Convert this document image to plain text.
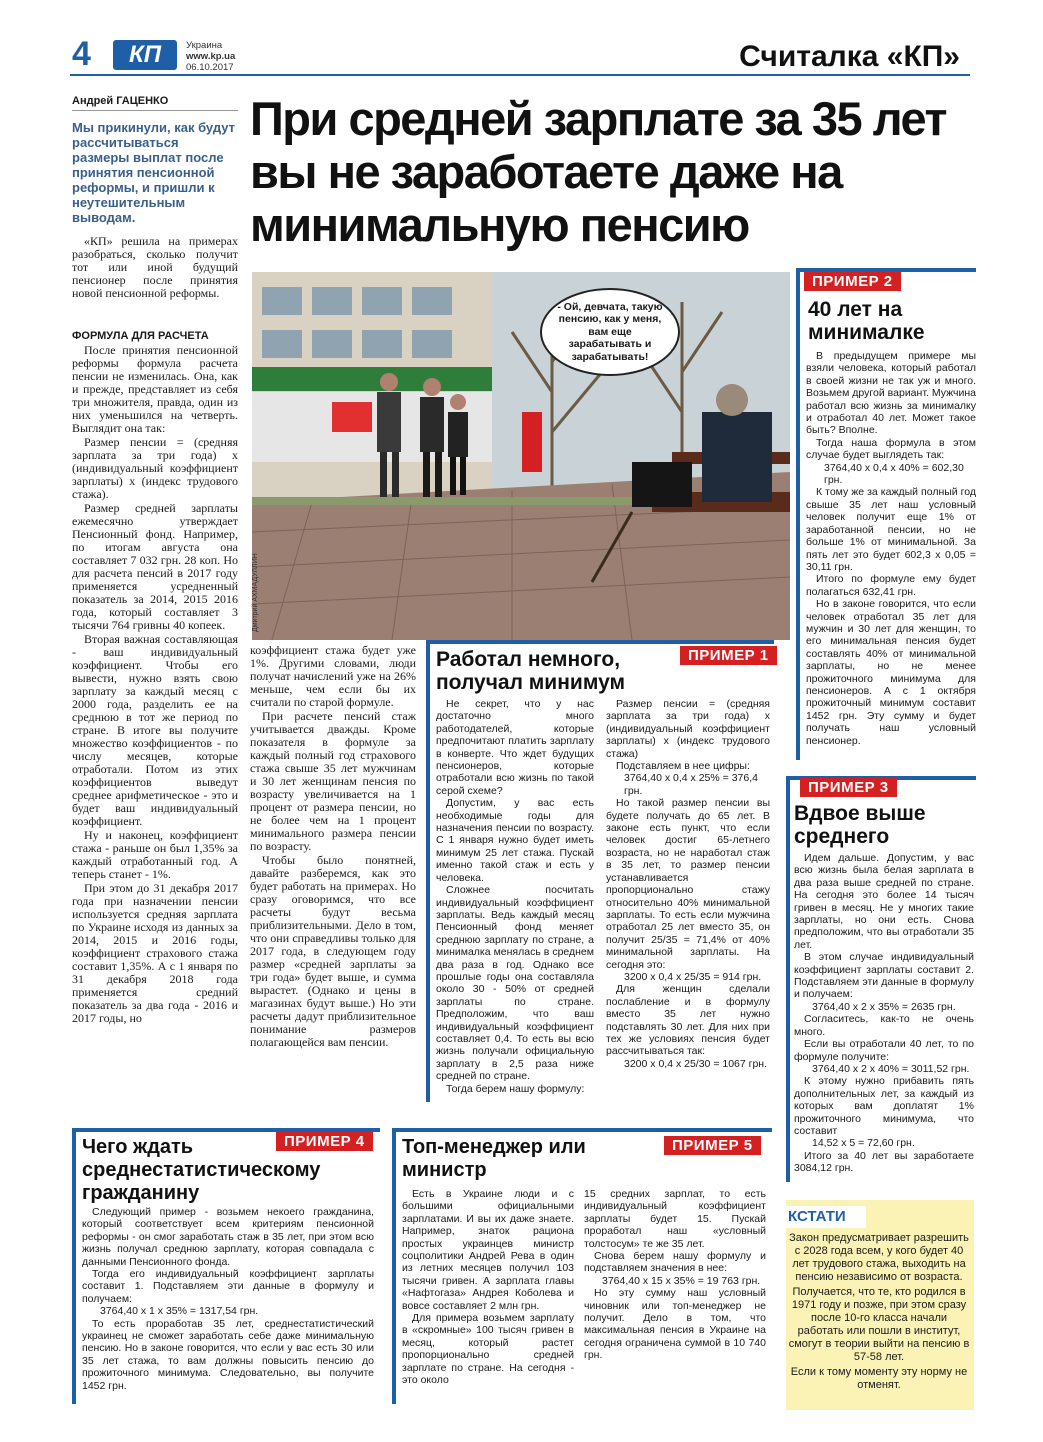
4	КП	Украина
www.kp.ua
06.10.2017	Считалка «КП»
Андрей ГАЦЕНКО
Мы прикинули, как будут рассчитываться размеры выплат после принятия пенсионной реформы, и пришли к неутешительным выводам.
«КП» решила на примерах разобраться, сколько получит тот или иной будущий пенсионер после принятия новой пенсионной реформы.
При средней зарплате за 35 лет вы не заработаете даже на минимальную пенсию
ФОРМУЛА ДЛЯ РАСЧЕТА

После принятия пенсионной реформы формула расчета пенсии не изменилась. Она, как и прежде, представляет из себя три множителя, правда, один из них уменьшился на четверть. Выглядит она так:

Размер пенсии = (средняя зарплата за три года) х (индивидуальный коэффициент зарплаты) х (индекс трудового стажа).

Размер средней зарплаты ежемесячно утверждает Пенсионный фонд. Например, по итогам августа она составляет 7 032 грн. 28 коп. Но для расчета пенсий в 2017 году применяется усредненный показатель за 2014, 2015 2016 года, который составляет 3 тысячи 764 гривны 40 копеек.

Вторая важная составляющая - ваш индивидуальный коэффициент. Чтобы его вывести, нужно взять свою зарплату за каждый месяц с 2000 года, разделить ее на среднюю в тот же период по стране. В итоге вы получите множество коэффициентов - по числу месяцев, которые отработали. Потом из этих коэффициентов выведут среднее арифметическое - это и будет ваш индивидуальный коэффициент.

Ну и наконец, коэффициент стажа - раньше он был 1,35% за каждый отработанный год. А теперь станет - 1%.

При этом до 31 декабря 2017 года при назначении пенсии используется средняя зарплата по Украине исходя из данных за 2014, 2015 и 2016 годы, коэффициент страхового стажа составит 1,35%. А с 1 января по 31 декабря 2018 года применяется средний показатель за два года - 2016 и 2017 годы, но

- Ой, девчата, такую пенсию, как у меня, вам еще зарабатывать и зарабатывать!
Дмитрий АХМАДУЛЛИН

коэффициент стажа будет уже 1%. Другими словами, люди получат начислений уже на 26% меньше, чем если бы их считали по старой формуле.

При расчете пенсий стаж учитывается дважды. Кроме показателя в формуле за каждый полный год страхового стажа свыше 35 лет мужчинам и 30 лет женщинам пенсия по возрасту увеличивается на 1 процент от размера пенсии, но не более чем на 1 процент минимального размера пенсии по возрасту.

Чтобы было понятней, давайте разберемся, как это будет работать на примерах. Но сразу оговоримся, что все расчеты будут весьма приблизительными. Дело в том, что они справедливы только для 2017 года, в следующем году размер «средней зарплаты за три года» будет выше, и сумма вырастет. (Однако и цены в магазинах будут выше.) Но эти расчеты дадут приблизительное понимание размеров полагающейся вам пенсии.

Работал немного, получал минимум
ПРИМЕР 1

Не секрет, что у нас достаточно много работодателей, которые предпочитают платить зарплату в конверте. Что ждет будущих пенсионеров, которые отработали всю жизнь по такой серой схеме?

Допустим, у вас есть необходимые годы для назначения пенсии по возрасту. С 1 января нужно будет иметь минимум 25 лет стажа. Пускай именно такой стаж и есть у человека.

Сложнее посчитать индивидуальный коэффициент зарплаты. Ведь каждый месяц Пенсионный фонд меняет среднюю зарплату по стране, а минималка менялась в среднем два раза в год. Однако все прошлые годы она составляла около 30 - 50% от средней зарплаты по стране. Предположим, что ваш индивидуальный коэффициент составляет 0,4. То есть вы всю жизнь получали официальную зарплату в 2,5 раза ниже средней по стране.

Тогда берем нашу формулу:

Размер пенсии = (средняя зарплата за три года) х (индивидуальный коэффициент зарплаты) х (индекс трудового стажа)

Подставляем в нее цифры:

3764,40 х 0,4 х 25% = 376,4 грн.

Но такой размер пенсии вы будете получать до 65 лет. В законе есть пункт, что если человек достиг 65-летнего возраста, но не наработал стаж в 35 лет, то размер пенсии устанавливается пропорционально стажу относительно 40% минимальной зарплаты. То есть если мужчина отработал 25 лет вместо 35, он получит 25/35 = 71,4% от 40% минимальной зарплаты. На сегодня это:

3200 х 0,4 х 25/35 = 914 грн.

Для женщин сделали послабление и в формулу вместо 35 лет нужно подставлять 30 лет. Для них при тех же условиях пенсия будет рассчитываться так:

3200 х 0,4 х 25/30 = 1067 грн.

ПРИМЕР 2
40 лет на минималке

В предыдущем примере мы взяли человека, который работал в своей жизни не так уж и много. Возьмем другой вариант. Мужчина работал всю жизнь за минималку и отработал 40 лет. Может такое быть? Вполне.

Тогда наша формула в этом случае будет выглядеть так:

3764,40 х 0,4 х 40% = 602,30 грн.

К тому же за каждый полный год свыше 35 лет наш условный человек получит еще 1% от заработанной пенсии, но не больше 1% от минимальной. За пять лет это будет 602,3 х 0,05 = 30,11 грн.

Итого по формуле ему будет полагаться 632,41 грн.

Но в законе говорится, что если человек отработал 35 лет для мужчин и 30 лет для женщин, то его минимальная пенсия будет составлять 40% от минимальной зарплаты, но не менее прожиточного минимума для пенсионеров. А с 1 октября прожиточный минимум составит 1452 грн. Эту сумму и будет получать наш условный пенсионер.

ПРИМЕР 3
Вдвое выше среднего

Идем дальше. Допустим, у вас всю жизнь была белая зарплата в два раза выше средней по стране. На сегодня это более 14 тысяч гривен в месяц. Не у многих такие зарплаты, но они есть. Снова предположим, что вы отработали 35 лет.

В этом случае индивидуальный коэффициент зарплаты составит 2. Подставляем эти данные в формулу и получаем:

3764,40 х 2 х 35% = 2635 грн.

Согласитесь, как-то не очень много.

Если вы отработали 40 лет, то по формуле получите:

3764,40 х 2 х 40% = 3011,52 грн.

К этому нужно прибавить пять дополнительных лет, за каждый из которых вам доплатят 1% прожиточного минимума, что составит

14,52 х 5 = 72,60 грн.

Итого за 40 лет вы заработаете 3084,12 грн.

ПРИМЕР 4
Чего ждать среднестатистическому гражданину

Следующий пример - возьмем некоего гражданина, который соответствует всем критериям пенсионной реформы - он смог заработать стаж в 35 лет, при этом всю жизнь получал среднюю зарплату, которая совпадала с данными Пенсионного фонда.

Тогда его индивидуальный коэффициент зарплаты составит 1. Подставляем эти данные в формулу и получаем:

3764,40 х 1 х 35% = 1317,54 грн.

То есть проработав 35 лет, среднестатистический украинец не сможет заработать себе даже минимальную пенсию. Но в законе говорится, что если у вас есть 30 или 35 лет стажа, то вам должны повысить пенсию до прожиточного минимума. Следовательно, вы получите 1452 грн.

ПРИМЕР 5
Топ-менеджер или министр

Есть в Украине люди и с большими официальными зарплатами. И вы их даже знаете. Например, знаток рациона простых украинцев министр соцполитики Андрей Рева в один из летних месяцев получил 103 тысячи гривен. А зарплата главы «Нафтогаза» Андрея Коболева и вовсе составляет 2 млн грн.

Для примера возьмем зарплату в «скромные» 100 тысяч гривен в месяц, который растет пропорционально средней зарплате по стране. На сегодня - это около

15 средних зарплат, то есть индивидуальный коэффициент зарплаты будет 15. Пускай проработал наш «условный толстосум» те же 35 лет.

Снова берем нашу формулу и подставляем значения в нее:

3764,40 х 15 х 35% = 19 763 грн.

Но эту сумму наш условный чиновник или топ-менеджер не получит. Дело в том, что максимальная пенсия в Украине на сегодня ограничена суммой в 10 740 грн.

КСТАТИ

Закон предусматривает разрешить с 2028 года всем, у кого будет 40 лет трудового стажа, выходить на пенсию независимо от возраста.

Получается, что те, кто родился в 1971 году и позже, при этом сразу после 10-го класса начали работать или пошли в институт, смогут в теории выйти на пенсию в 57-58 лет.

Если к тому моменту эту норму не отменят.
